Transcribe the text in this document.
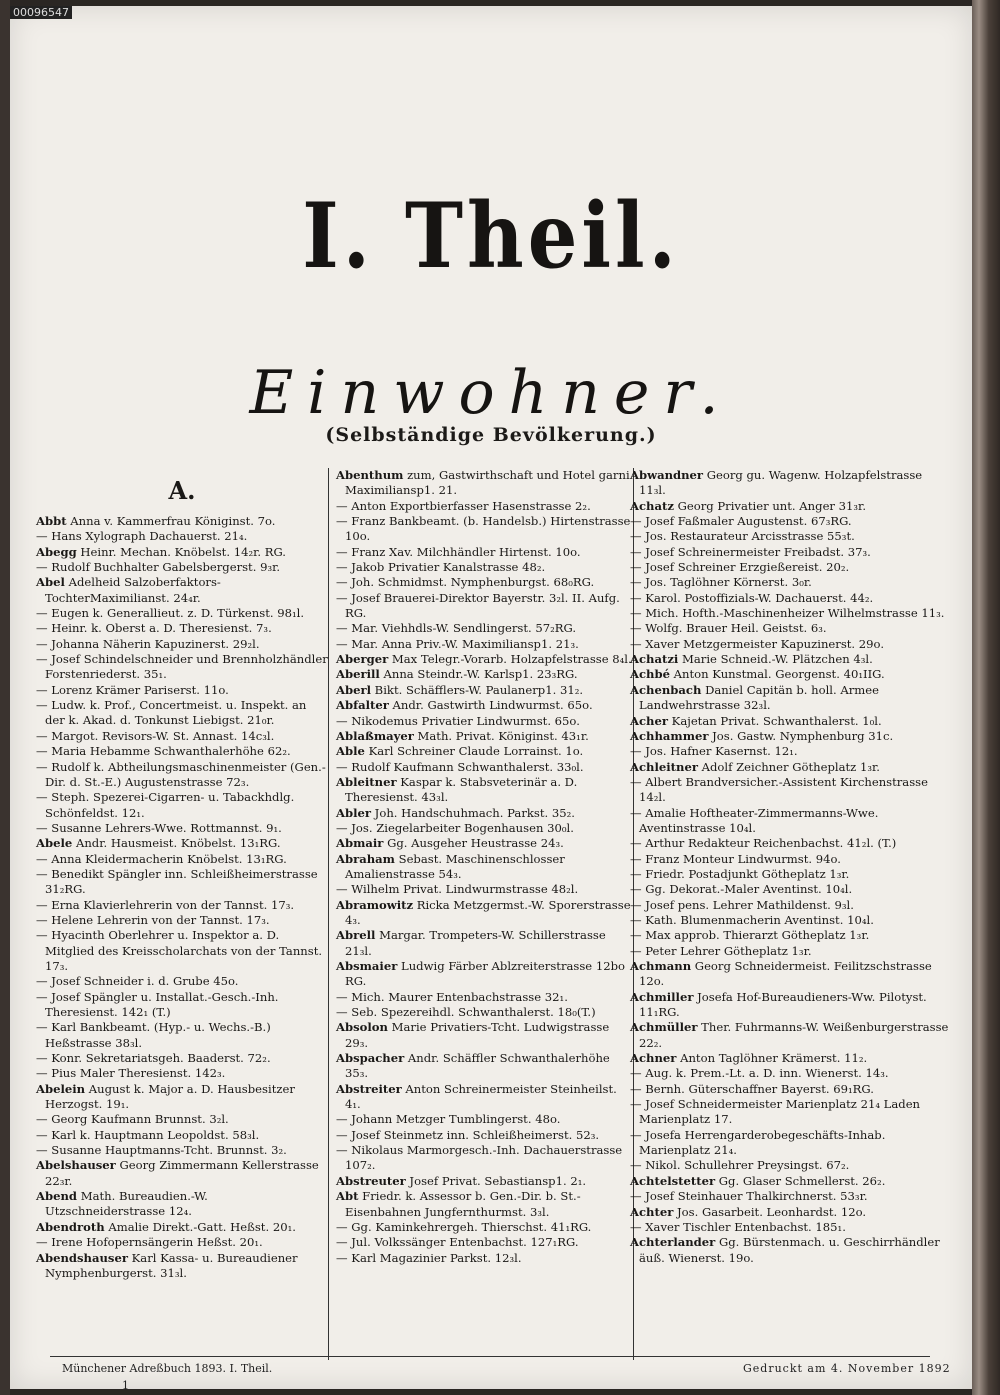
00096547
I. Theil.
Einwohner.
(Selbständige Bevölkerung.)
A.
Abbt Anna v. Kammerfrau Königinst. 7o.
— Hans Xylograph Dachauerst. 21₄.
Abegg Heinr. Mechan. Knöbelst. 14₂r. RG.
— Rudolf Buchhalter Gabelsbergerst. 9₃r.
Abel Adelheid Salzoberfaktors-TochterMaximilianst. 24₄r.
— Eugen k. Generallieut. z. D. Türkenst. 98₁l.
— Heinr. k. Oberst a. D. Theresienst. 7₃.
— Johanna Näherin Kapuzinerst. 29₂l.
— Josef Schindelschneider und Brennholzhändler Forstenriederst. 35₁.
— Lorenz Krämer Pariserst. 11o.
— Ludw. k. Prof., Concertmeist. u. Inspekt. an der k. Akad. d. Tonkunst Liebigst. 21₀r.
— Margot. Revisors-W. St. Annast. 14c₃l.
— Maria Hebamme Schwanthalerhöhe 62₂.
— Rudolf k. Abtheilungsmaschinenmeister (Gen.-Dir. d. St.-E.) Augustenstrasse 72₃.
— Steph. Spezerei-Cigarren- u. Tabackhdlg. Schönfeldst. 12₁.
— Susanne Lehrers-Wwe. Rottmannst. 9₁.
Abele Andr. Hausmeist. Knöbelst. 13₁RG.
— Anna Kleidermacherin Knöbelst. 13₁RG.
— Benedikt Spängler inn. Schleißheimerstrasse 31₂RG.
— Erna Klavierlehrerin von der Tannst. 17₃.
— Helene Lehrerin von der Tannst. 17₃.
— Hyacinth Oberlehrer u. Inspektor a. D. Mitglied des Kreisscholarchats von der Tannst. 17₃.
— Josef Schneider i. d. Grube 45o.
— Josef Spängler u. Installat.-Gesch.-Inh. Theresienst. 142₁ (T.)
— Karl Bankbeamt. (Hyp.- u. Wechs.-B.) Heßstrasse 38₃l.
— Konr. Sekretariatsgeh. Baaderst. 72₂.
— Pius Maler Theresienst. 142₃.
Abelein August k. Major a. D. Hausbesitzer Herzogst. 19₁.
— Georg Kaufmann Brunnst. 3₂l.
— Karl k. Hauptmann Leopoldst. 58₃l.
— Susanne Hauptmanns-Tcht. Brunnst. 3₂.
Abelshauser Georg Zimmermann Kellerstrasse 22₃r.
Abend Math. Bureaudien.-W. Utzschneiderstrasse 12₄.
Abendroth Amalie Direkt.-Gatt. Heßst. 20₁.
— Irene Hofopernsängerin Heßst. 20₁.
Abendshauser Karl Kassa- u. Bureaudiener Nymphenburgerst. 31₃l.
Abenthum zum, Gastwirthschaft und Hotel garni Maximiliansp1. 21.
— Anton Exportbierfasser Hasenstrasse 2₂.
— Franz Bankbeamt. (b. Handelsb.) Hirtenstrasse 10o.
— Franz Xav. Milchhändler Hirtenst. 10o.
— Jakob Privatier Kanalstrasse 48₂.
— Joh. Schmidmst. Nymphenburgst. 68₀RG.
— Josef Brauerei-Direktor Bayerstr. 3₂l. II. Aufg. RG.
— Mar. Viehhdls-W. Sendlingerst. 57₂RG.
— Mar. Anna Priv.-W. Maximiliansp1. 21₃.
Aberger Max Telegr.-Vorarb. Holzapfelstrasse 8₄l.
Aberill Anna Steindr.-W. Karlsp1. 23₃RG.
Aberl Bikt. Schäfflers-W. Paulanerp1. 31₂.
Abfalter Andr. Gastwirth Lindwurmst. 65o.
— Nikodemus Privatier Lindwurmst. 65o.
Ablaßmayer Math. Privat. Königinst. 43₁r.
Able Karl Schreiner Claude Lorrainst. 1o.
— Rudolf Kaufmann Schwanthalerst. 33₀l.
Ableitner Kaspar k. Stabsveterinär a. D. Theresienst. 43₃l.
Abler Joh. Handschuhmach. Parkst. 35₂.
— Jos. Ziegelarbeiter Bogenhausen 30₀l.
Abmair Gg. Ausgeher Heustrasse 24₃.
Abraham Sebast. Maschinenschlosser Amalienstrasse 54₃.
— Wilhelm Privat. Lindwurmstrasse 48₂l.
Abramowitz Ricka Metzgermst.-W. Sporerstrasse 4₃.
Abrell Margar. Trompeters-W. Schillerstrasse 21₃l.
Absmaier Ludwig Färber Ablzreiterstrasse 12bo RG.
— Mich. Maurer Entenbachstrasse 32₁.
— Seb. Spezereihdl. Schwanthalerst. 18₀(T.)
Absolon Marie Privatiers-Tcht. Ludwigstrasse 29₃.
Abspacher Andr. Schäffler Schwanthalerhöhe 35₃.
Abstreiter Anton Schreinermeister Steinheilst. 4₁.
— Johann Metzger Tumblingerst. 48o.
— Josef Steinmetz inn. Schleißheimerst. 52₃.
— Nikolaus Marmorgesch.-Inh. Dachauerstrasse 107₂.
Abstreuter Josef Privat. Sebastiansp1. 2₁.
Abt Friedr. k. Assessor b. Gen.-Dir. b. St.-Eisenbahnen Jungfernthurmst. 3₃l.
— Gg. Kaminkehrergeh. Thierschst. 41₁RG.
— Jul. Volkssänger Entenbachst. 127₁RG.
— Karl Magazinier Parkst. 12₃l.
Abwandner Georg gu. Wagenw. Holzapfelstrasse 11₃l.
Achatz Georg Privatier unt. Anger 31₃r.
— Josef Faßmaler Augustenst. 67₃RG.
— Jos. Restaurateur Arcisstrasse 55₃t.
— Josef Schreinermeister Freibadst. 37₃.
— Josef Schreiner Erzgießereist. 20₂.
— Jos. Taglöhner Körnerst. 3₀r.
— Karol. Postoffizials-W. Dachauerst. 44₂.
— Mich. Hofth.-Maschinenheizer Wilhelmstrasse 11₃.
— Wolfg. Brauer Heil. Geistst. 6₃.
— Xaver Metzgermeister Kapuzinerst. 29o.
Achatzi Marie Schneid.-W. Plätzchen 4₃l.
Achbé Anton Kunstmal. Georgenst. 40₁IIG.
Achenbach Daniel Capitän b. holl. Armee Landwehrstrasse 32₃l.
Acher Kajetan Privat. Schwanthalerst. 1₀l.
Achhammer Jos. Gastw. Nymphenburg 31c.
— Jos. Hafner Kasernst. 12₁.
Achleitner Adolf Zeichner Götheplatz 1₃r.
— Albert Brandversicher.-Assistent Kirchenstrasse 14₂l.
— Amalie Hoftheater-Zimmermanns-Wwe. Aventinstrasse 10₄l.
— Arthur Redakteur Reichenbachst. 41₂l. (T.)
— Franz Monteur Lindwurmst. 94o.
— Friedr. Postadjunkt Götheplatz 1₃r.
— Gg. Dekorat.-Maler Aventinst. 10₄l.
— Josef pens. Lehrer Mathildenst. 9₃l.
— Kath. Blumenmacherin Aventinst. 10₄l.
— Max approb. Thierarzt Götheplatz 1₃r.
— Peter Lehrer Götheplatz 1₃r.
Achmann Georg Schneidermeist. Feilitzschstrasse 12o.
Achmiller Josefa Hof-Bureaudieners-Ww. Pilotyst. 11₁RG.
Achmüller Ther. Fuhrmanns-W. Weißenburgerstrasse 22₂.
Achner Anton Taglöhner Krämerst. 11₂.
— Aug. k. Prem.-Lt. a. D. inn. Wienerst. 14₃.
— Bernh. Güterschaffner Bayerst. 69₁RG.
— Josef Schneidermeister Marienplatz 21₄ Laden Marienplatz 17.
— Josefa Herrengarderobegeschäfts-Inhab. Marienplatz 21₄.
— Nikol. Schullehrer Preysingst. 67₂.
Achtelstetter Gg. Glaser Schmellerst. 26₂.
— Josef Steinhauer Thalkirchnerst. 53₃r.
Achter Jos. Gasarbeit. Leonhardst. 12o.
— Xaver Tischler Entenbachst. 185₁.
Achterlander Gg. Bürstenmach. u. Geschirrhändler äuß. Wienerst. 19o.
Münchener Adreßbuch 1893. I. Theil.	Gedruckt am 4. November 1892
1
